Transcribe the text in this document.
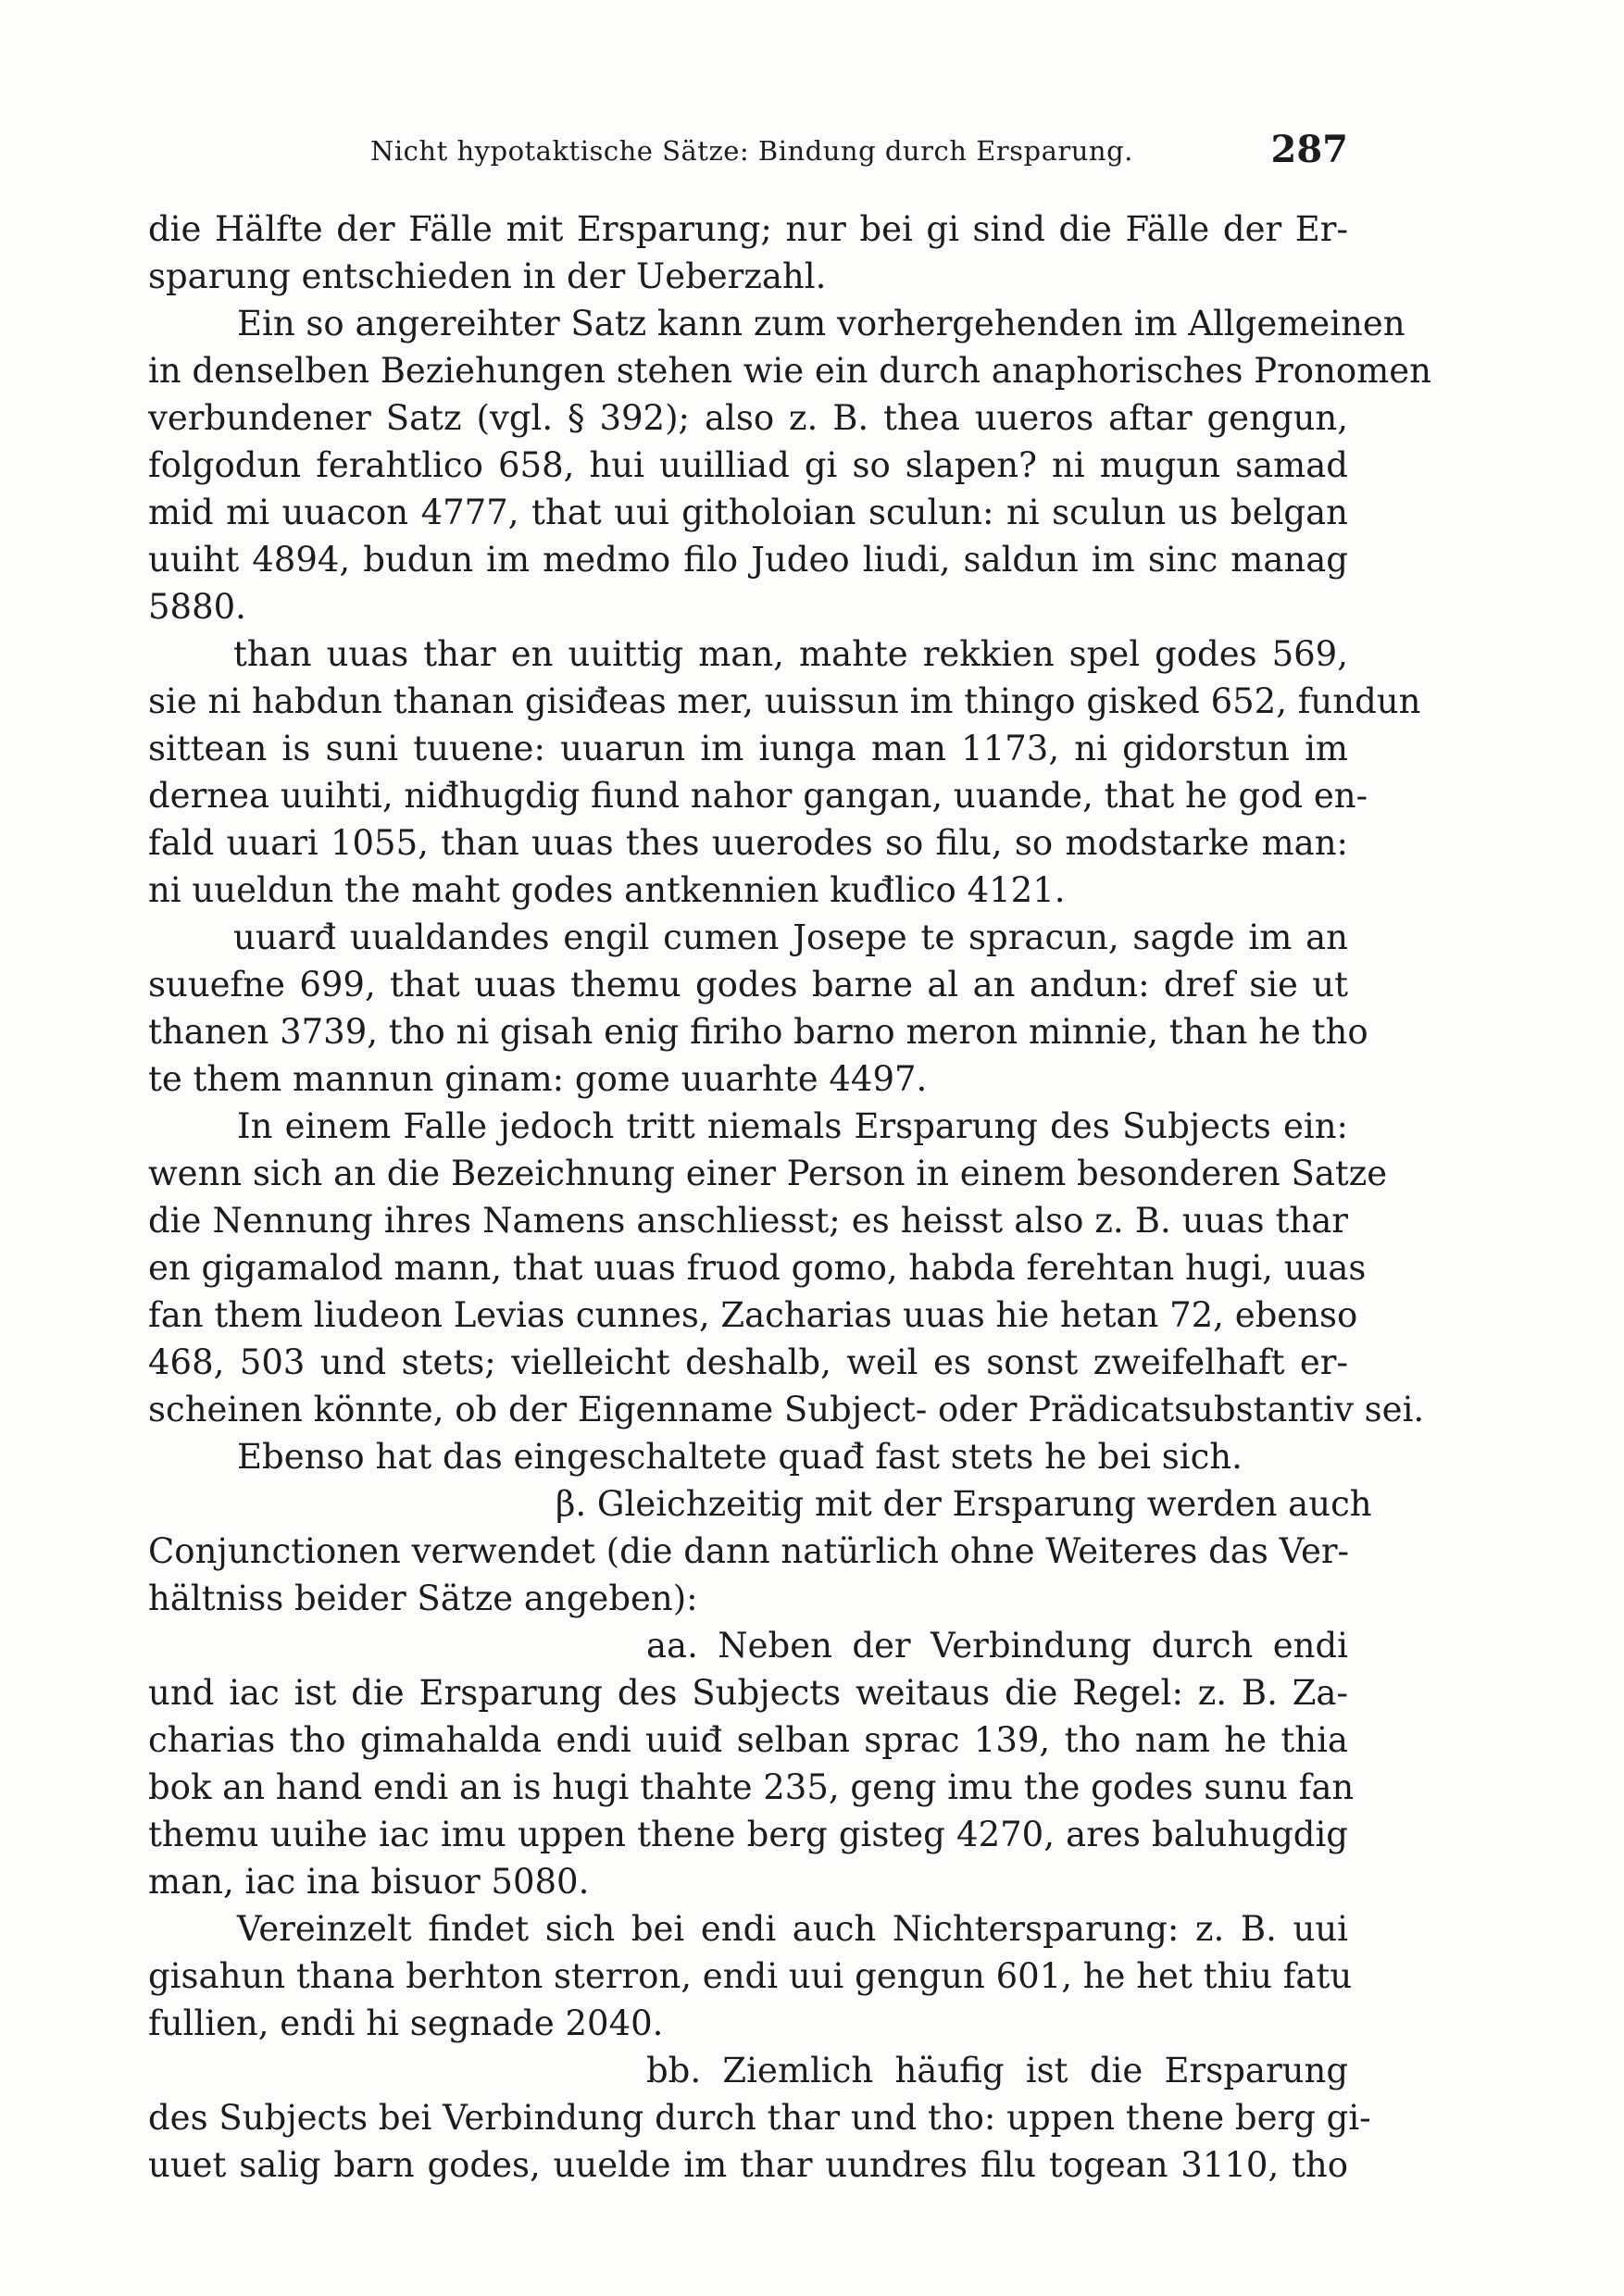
Nicht hypotaktische Sätze: Bindung durch Ersparung.	287
die Hälfte der Fälle mit Ersparung; nur bei gi sind die Fälle der Er-
sparung entschieden in der Ueberzahl.
Ein so angereihter Satz kann zum vorhergehenden im Allgemeinen
in denselben Beziehungen stehen wie ein durch anaphorisches Pronomen
verbundener Satz (vgl. § 392); also z. B. thea uueros aftar gengun,
folgodun ferahtlico 658, hui uuilliad gi so slapen? ni mugun samad
mid mi uuacon 4777, that uui githoloian sculun: ni sculun us belgan
uuiht 4894, budun im medmo filo Judeo liudi, saldun im sinc manag
5880.
than uuas thar en uuittig man, mahte rekkien spel godes 569,
sie ni habdun thanan gisiđeas mer, uuissun im thingo gisked 652, fundun
sittean is suni tuuene: uuarun im iunga man 1173, ni gidorstun im
dernea uuihti, niđhugdig fiund nahor gangan, uuande, that he god en-
fald uuari 1055, than uuas thes uuerodes so filu, so modstarke man:
ni uueldun the maht godes antkennien kuđlico 4121.
uuarđ uualdandes engil cumen Josepe te spracun, sagde im an
suuefne 699, that uuas themu godes barne al an andun: dref sie ut
thanen 3739, tho ni gisah enig firiho barno meron minnie, than he tho
te them mannun ginam: gome uuarhte 4497.
In einem Falle jedoch tritt niemals Ersparung des Subjects ein:
wenn sich an die Bezeichnung einer Person in einem besonderen Satze
die Nennung ihres Namens anschliesst; es heisst also z. B. uuas thar
en gigamalod mann, that uuas fruod gomo, habda ferehtan hugi, uuas
fan them liudeon Levias cunnes, Zacharias uuas hie hetan 72, ebenso
468, 503 und stets; vielleicht deshalb, weil es sonst zweifelhaft er-
scheinen könnte, ob der Eigenname Subject- oder Prädicatsubstantiv sei.
Ebenso hat das eingeschaltete quađ fast stets he bei sich.
β. Gleichzeitig mit der Ersparung werden auch
Conjunctionen verwendet (die dann natürlich ohne Weiteres das Ver-
hältniss beider Sätze angeben):
aa. Neben der Verbindung durch endi
und iac ist die Ersparung des Subjects weitaus die Regel: z. B. Za-
charias tho gimahalda endi uuiđ selban sprac 139, tho nam he thia
bok an hand endi an is hugi thahte 235, geng imu the godes sunu fan
themu uuihe iac imu uppen thene berg gisteg 4270, ares baluhugdig
man, iac ina bisuor 5080.
Vereinzelt findet sich bei endi auch Nichtersparung: z. B. uui
gisahun thana berhton sterron, endi uui gengun 601, he het thiu fatu
fullien, endi hi segnade 2040.
bb. Ziemlich häufig ist die Ersparung
des Subjects bei Verbindung durch thar und tho: uppen thene berg gi-
uuet salig barn godes, uuelde im thar uundres filu togean 3110, tho
